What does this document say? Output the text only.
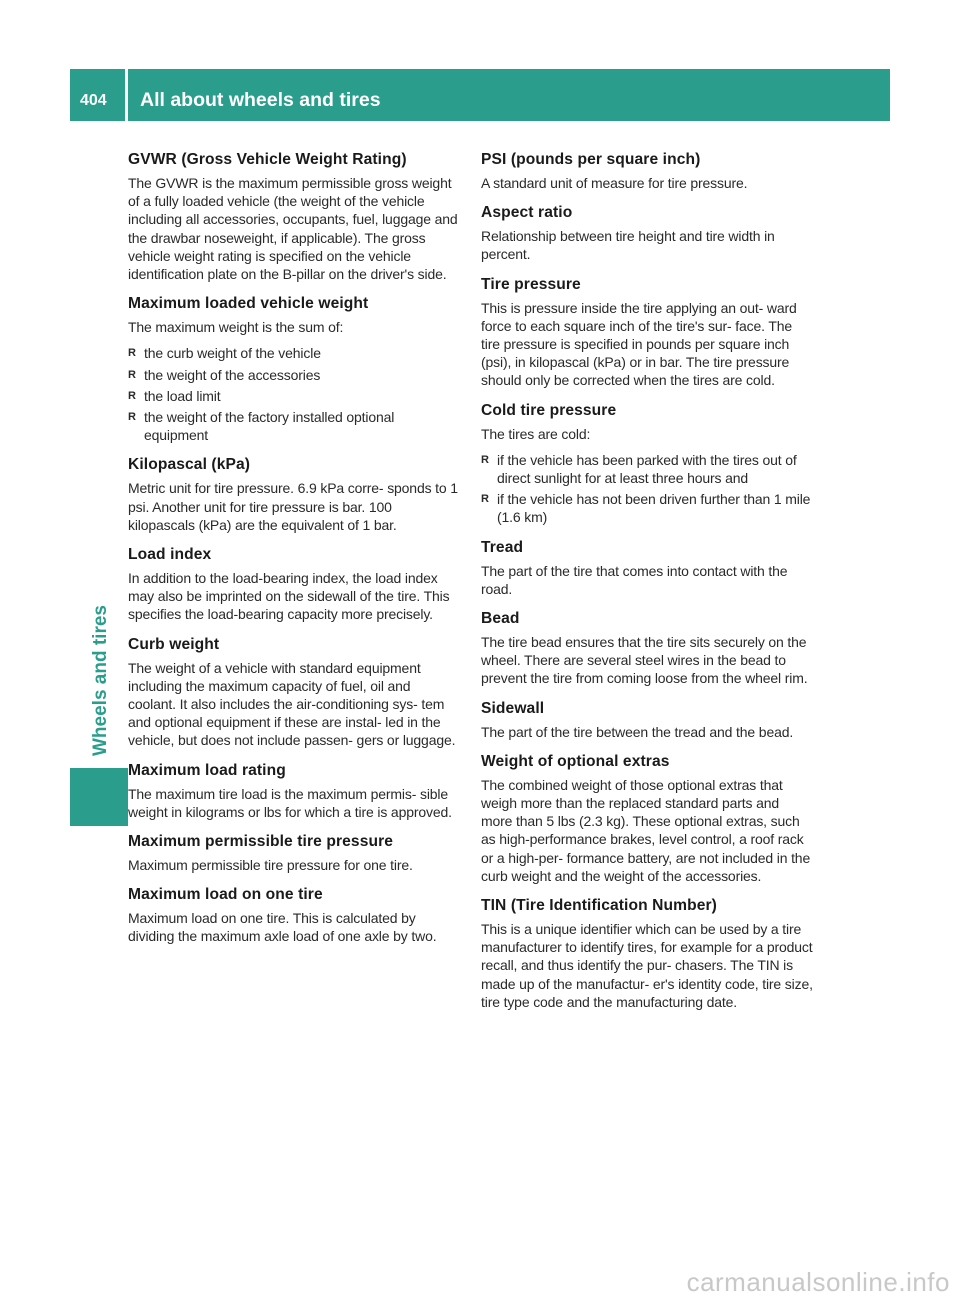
404 All about wheels and tires
Wheels and tires
GVWR (Gross Vehicle Weight Rating)

The GVWR is the maximum permissible gross weight of a fully loaded vehicle (the weight of the vehicle including all accessories, occupants, fuel, luggage and the drawbar noseweight, if applicable). The gross vehicle weight rating is specified on the vehicle identification plate on the B-pillar on the driver's side.

Maximum loaded vehicle weight

The maximum weight is the sum of:

R the curb weight of the vehicle
R the weight of the accessories
R the load limit
R the weight of the factory installed optional equipment
Kilopascal (kPa)

Metric unit for tire pressure. 6.9 kPa corre- sponds to 1 psi. Another unit for tire pressure is bar. 100 kilopascals (kPa) are the equivalent of 1 bar.

Load index

In addition to the load-bearing index, the load index may also be imprinted on the sidewall of the tire. This specifies the load-bearing capacity more precisely.

Curb weight

The weight of a vehicle with standard equipment including the maximum capacity of fuel, oil and coolant. It also includes the air-conditioning sys- tem and optional equipment if these are instal- led in the vehicle, but does not include passen- gers or luggage.

Maximum load rating

The maximum tire load is the maximum permis- sible weight in kilograms or lbs for which a tire is approved.

Maximum permissible tire pressure

Maximum permissible tire pressure for one tire.

Maximum load on one tire

Maximum load on one tire. This is calculated by dividing the maximum axle load of one axle by two.

PSI (pounds per square inch)

A standard unit of measure for tire pressure.

Aspect ratio

Relationship between tire height and tire width in percent.

Tire pressure

This is pressure inside the tire applying an out- ward force to each square inch of the tire's sur- face. The tire pressure is specified in pounds per square inch (psi), in kilopascal (kPa) or in bar. The tire pressure should only be corrected when the tires are cold.

Cold tire pressure

The tires are cold:

R if the vehicle has been parked with the tires out of direct sunlight for at least three hours and
R if the vehicle has not been driven further than 1 mile (1.6 km)
Tread

The part of the tire that comes into contact with the road.

Bead

The tire bead ensures that the tire sits securely on the wheel. There are several steel wires in the bead to prevent the tire from coming loose from the wheel rim.

Sidewall

The part of the tire between the tread and the bead.

Weight of optional extras

The combined weight of those optional extras that weigh more than the replaced standard parts and more than 5 lbs (2.3 kg). These optional extras, such as high-performance brakes, level control, a roof rack or a high-per- formance battery, are not included in the curb weight and the weight of the accessories.

TIN (Tire Identification Number)

This is a unique identifier which can be used by a tire manufacturer to identify tires, for example for a product recall, and thus identify the pur- chasers. The TIN is made up of the manufactur- er's identity code, tire size, tire type code and the manufacturing date.

carmanualsonline.info
